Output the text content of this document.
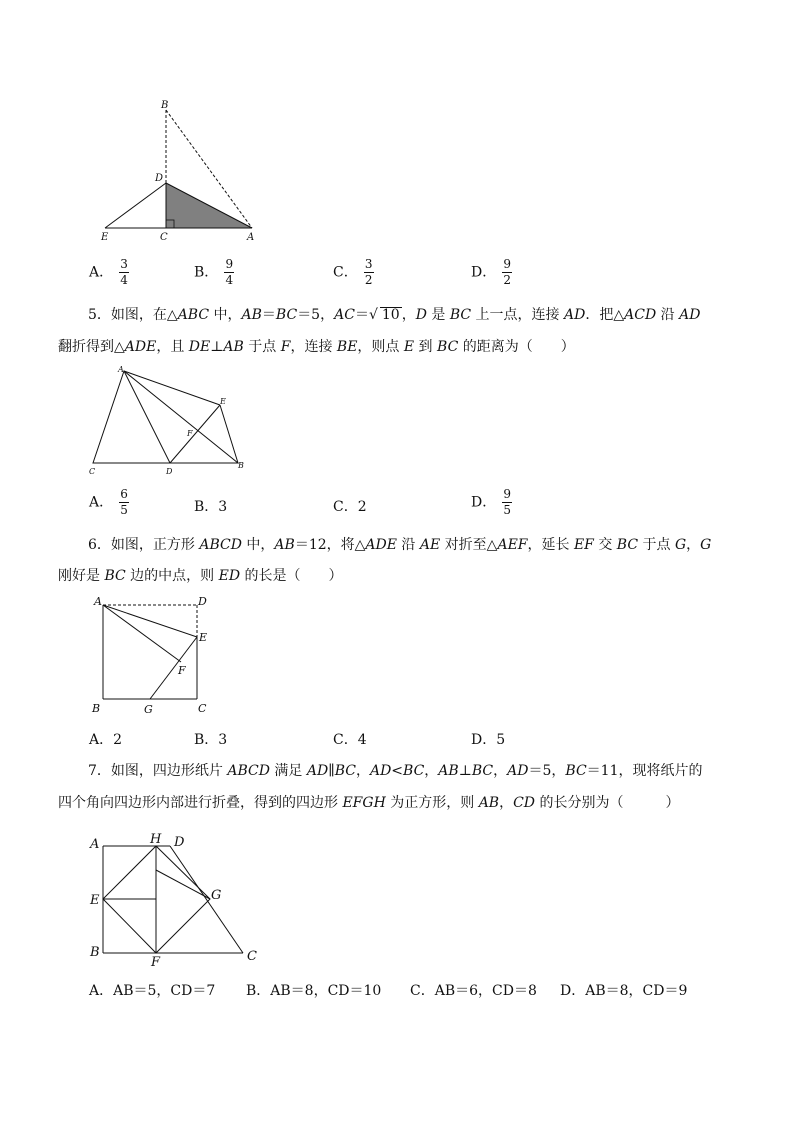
B
D
E	C	A
A． $\frac{3}{4}$	B． $\frac{9}{4}$	C． $\frac{3}{2}$	D． $\frac{9}{2}$
5．如图，在△ABC 中，AB＝BC＝5，AC＝√ 10 ，D 是 BC 上一点，连接 AD．把△ACD 沿 AD
翻折得到△ADE，且 DE⊥AB 于点 F，连接 BE，则点 E 到 BC 的距离为（　　）
A
E
F
C	D
B
A． $\frac{6}{5}$	B．3	C．2	D． $\frac{9}{5}$
6．如图，正方形 ABCD 中，AB＝12，将△ADE 沿 AE 对折至△AEF，延长 EF 交 BC 于点 G，G
刚好是 BC 边的中点，则 ED 的长是（　　）
A	D
E
F
B	G	C
A．2	B．3	C．4	D．5
7．如图，四边形纸片 ABCD 满足 AD∥BC，AD<BC，AB⊥BC，AD＝5，BC＝11，现将纸片的
四个角向四边形内部进行折叠，得到的四边形 EFGH 为正方形，则 AB，CD 的长分别为（　　　）
A	H D
E	G
B
F	C
A．AB＝5，CD＝7 B．AB＝8，CD＝10 C．AB＝6，CD＝8 D．AB＝8，CD＝9
